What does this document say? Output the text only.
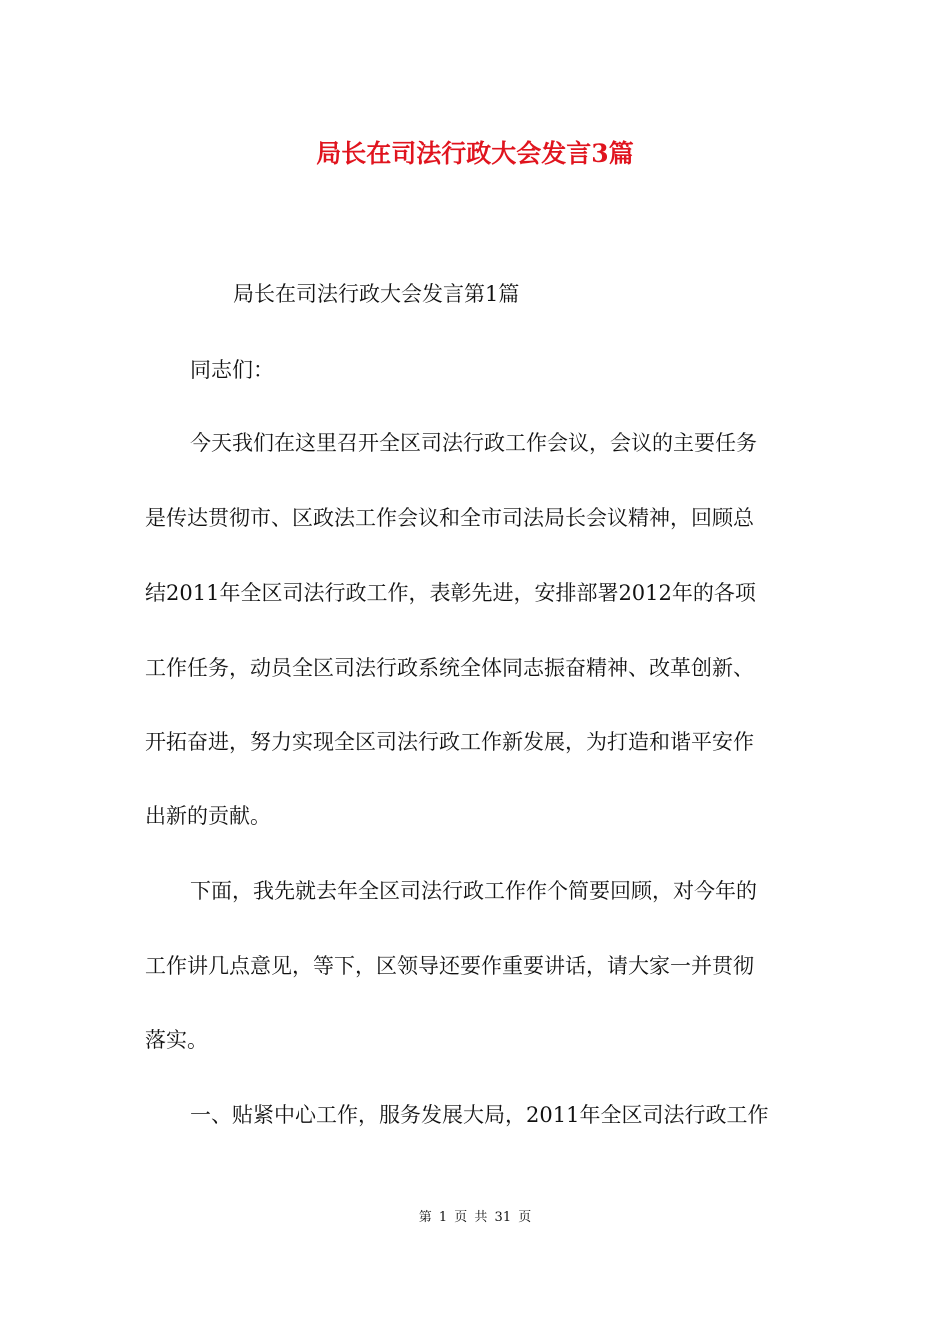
局长在司法行政大会发言3篇
局长在司法行政大会发言第1篇
同志们：
今天我们在这里召开全区司法行政工作会议，会议的主要任务
是传达贯彻市、区政法工作会议和全市司法局长会议精神，回顾总
结2011年全区司法行政工作，表彰先进，安排部署2012年的各项
工作任务，动员全区司法行政系统全体同志振奋精神、改革创新、
开拓奋进，努力实现全区司法行政工作新发展，为打造和谐平安作
出新的贡献。
下面，我先就去年全区司法行政工作作个简要回顾，对今年的
工作讲几点意见，等下，区领导还要作重要讲话，请大家一并贯彻
落实。
一、贴紧中心工作，服务发展大局，2011年全区司法行政工作
第 1 页 共 31 页
